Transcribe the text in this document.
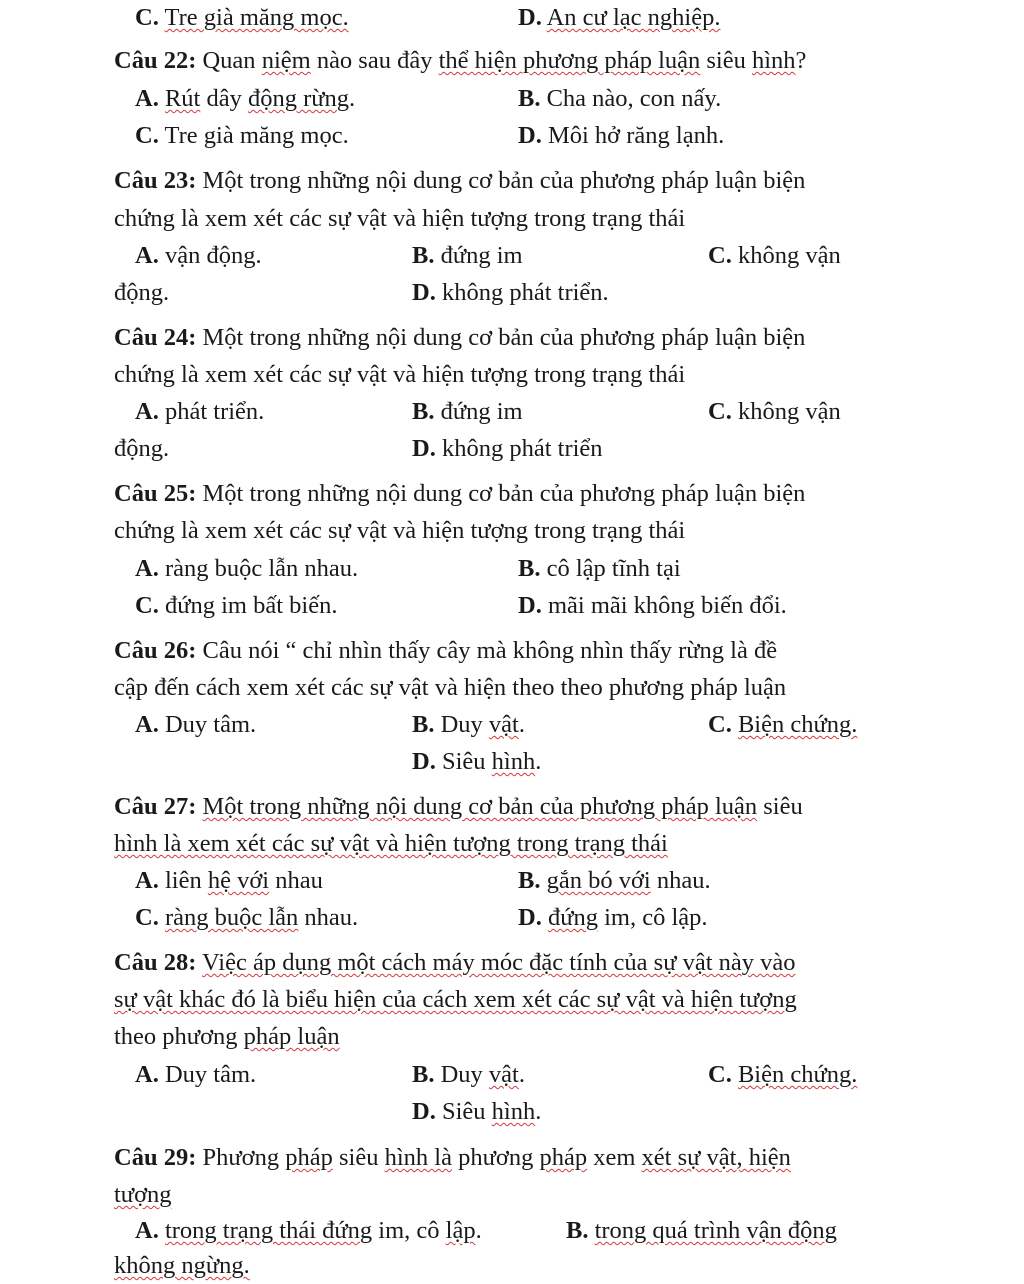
C. Tre già măng mọc.	D. An cư lạc nghiệp.
Câu 22: Quan niệm nào sau đây thể hiện phương pháp luận siêu hình?
A. Rút dây động rừng.	B. Cha nào, con nấy.
C. Tre già măng mọc.	D. Môi hở răng lạnh.
Câu 23: Một trong những nội dung cơ bản của phương pháp luận biện
chứng là xem xét các sự vật và hiện tượng trong trạng thái
A. vận động.	B. đứng im	C. không vận
động.	D. không phát triển.
Câu 24: Một trong những nội dung cơ bản của phương pháp luận biện
chứng là xem xét các sự vật và hiện tượng trong trạng thái
A. phát triển.	B. đứng im	C. không vận
động.	D. không phát triển
Câu 25: Một trong những nội dung cơ bản của phương pháp luận biện
chứng là xem xét các sự vật và hiện tượng trong trạng thái
A. ràng buộc lẫn nhau.	B. cô lập tĩnh tại
C. đứng im bất biến.	D. mãi mãi không biến đổi.
Câu 26: Câu nói “ chỉ nhìn thấy cây mà không nhìn thấy rừng là đề
cập đến cách xem xét các sự vật và hiện theo theo phương pháp luận
A. Duy tâm.	B. Duy vật.	C. Biện chứng.
D. Siêu hình.
Câu 27: Một trong những nội dung cơ bản của phương pháp luận siêu
hình là xem xét các sự vật và hiện tượng trong trạng thái
A. liên hệ với nhau	B. gắn bó với nhau.
C. ràng buộc lẫn nhau.	D. đứng im, cô lập.
Câu 28: Việc áp dụng một cách máy móc đặc tính của sự vật này vào
sự vật khác đó là biểu hiện của cách xem xét các sự vật và hiện tượng
theo phương pháp luận
A. Duy tâm.	B. Duy vật.	C. Biện chứng.
D. Siêu hình.
Câu 29: Phương pháp siêu hình là phương pháp xem xét sự vật, hiện
tượng
A. trong trạng thái đứng im, cô lập.	B. trong quá trình vận động
không ngừng.
